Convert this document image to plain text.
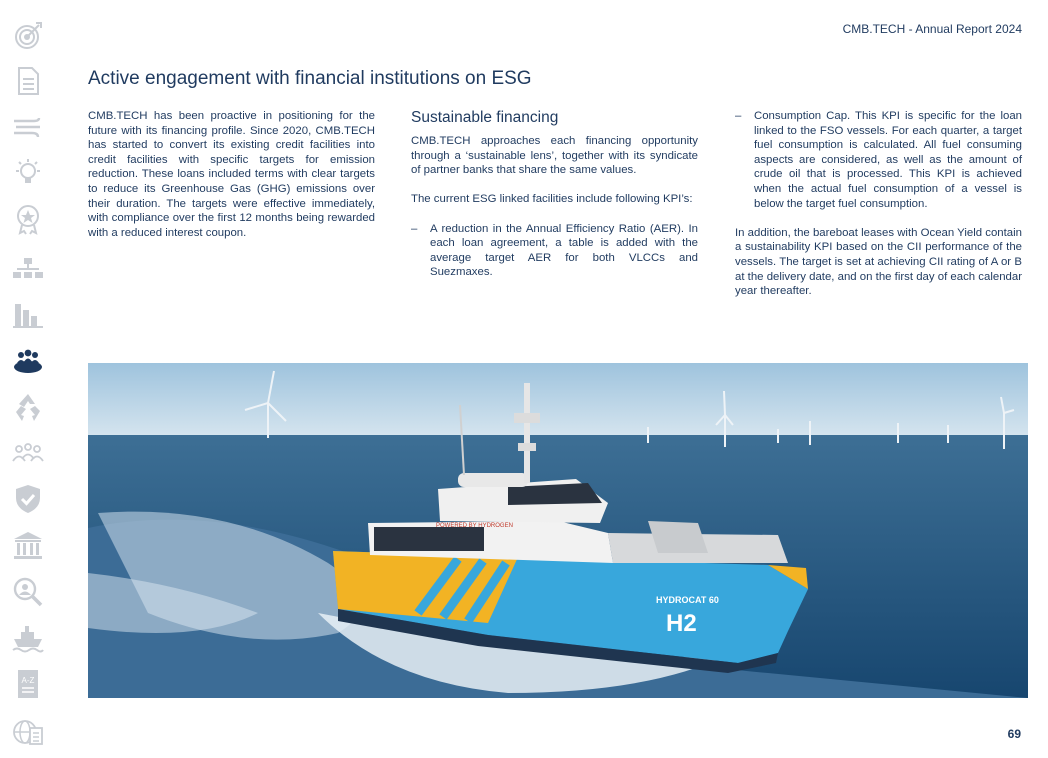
A-Z
CMB.TECH - Annual Report 2024
Active engagement with financial institutions on ESG

CMB.TECH has been proactive in positioning for the future with its financing profile. Since 2020, CMB.TECH has started to convert its existing credit facilities into credit facilities with specific targets for emission reduction. These loans included terms with clear targets to reduce its Greenhouse Gas (GHG) emissions over their duration. The targets were effective immediately, with compliance over the first 12 months being rewarded with a reduced interest coupon.

Sustainable financing

CMB.TECH approaches each financing opportunity through a ‘sustainable lens’, together with its syndicate of partner banks that share the same values.

The current ESG linked facilities include following KPI’s:

– A reduction in the Annual Efficiency Ratio (AER). In each loan agreement, a table is added with the average target AER for both VLCCs and Suezmaxes.
– Consumption Cap. This KPI is specific for the loan linked to the FSO vessels. For each quarter, a target fuel consumption is calculated. All fuel consuming aspects are considered, as well as the amount of crude oil that is processed. This KPI is achieved when the actual fuel consumption of a vessel is below the target fuel consumption.

In addition, the bareboat leases with Ocean Yield contain a sustainability KPI based on the CII performance of the vessels. The target is set at achieving CII rating of A or B at the delivery date, and on the first day of each calendar year thereafter.

HYDROCAT 60
H2
POWERED BY HYDROGEN
69
